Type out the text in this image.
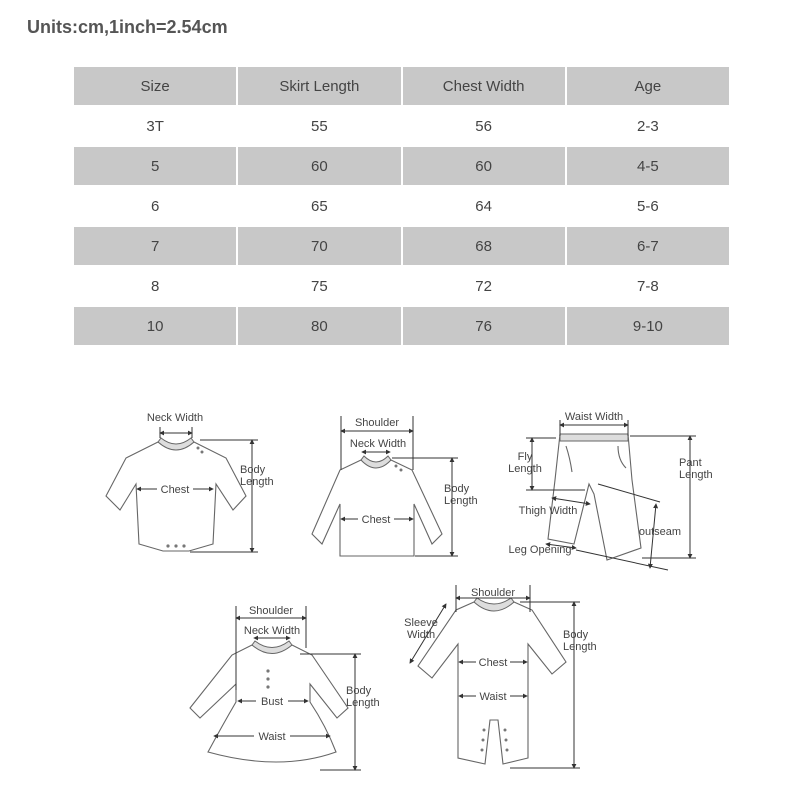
Units:cm,1inch=2.54cm
Size	Skirt Length	Chest Width	Age
3T	55	56	2-3
5	60	60	4-5
6	65	64	5-6
7	70	68	6-7
8	75	72	7-8
10	80	76	9-10
Neck Width
Body
Length
Chest
Shoulder
Neck Width
Body
Length
Chest
Waist Width
Fly
Length	Pant
Length
Thigh Width
outseam
Leg Opening
Shoulder
Neck Width
Bust
Body
Length
Waist
Shoulder
Sleeve
Width
Chest
Waist
Body
Length
